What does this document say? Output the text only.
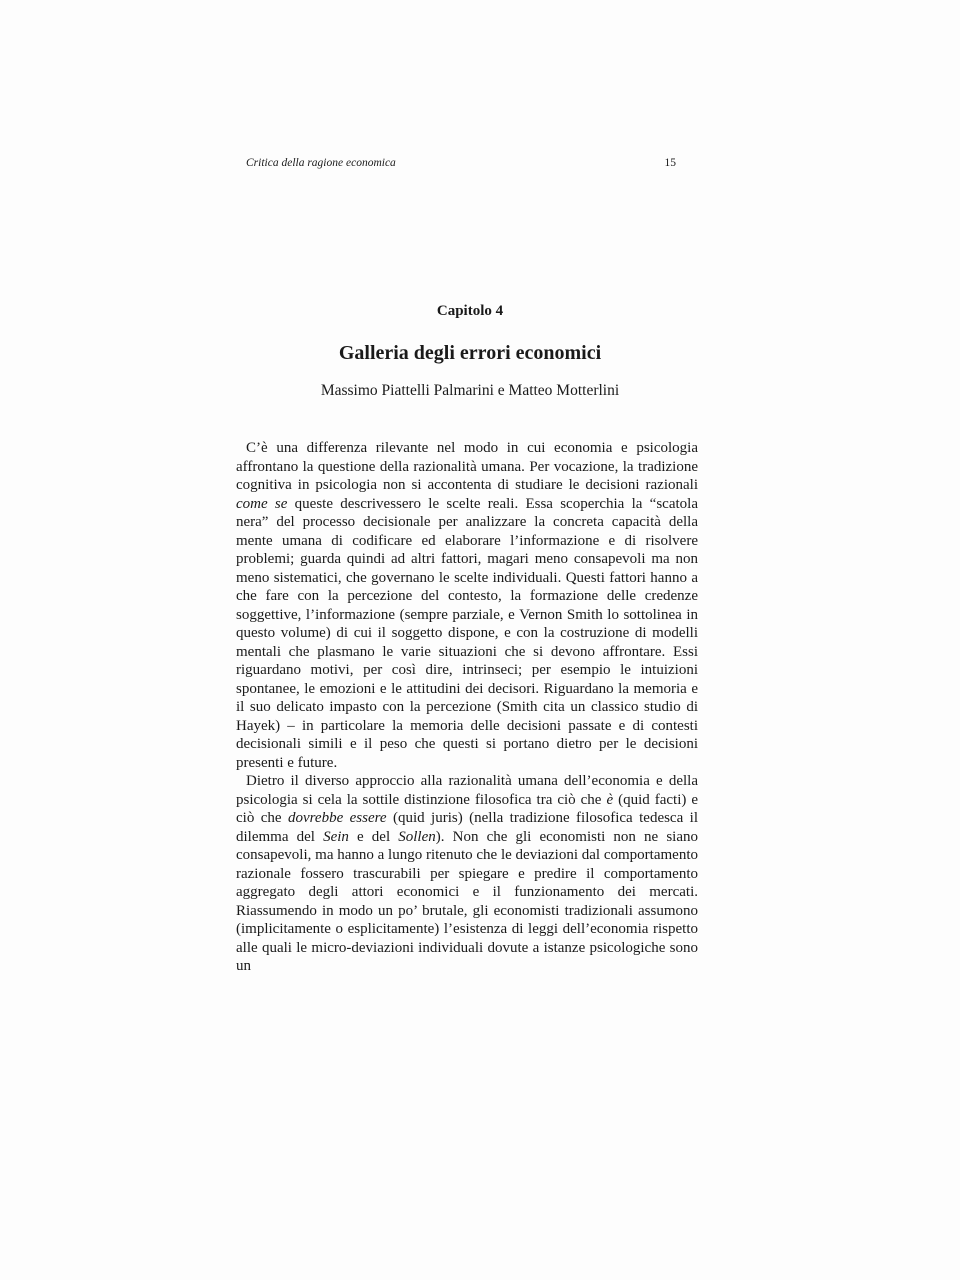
Critica della ragione economica	15
Capitolo 4
Galleria degli errori economici
Massimo Piattelli Palmarini e Matteo Motterlini

C’è una differenza rilevante nel modo in cui economia e psicologia affrontano la questione della razionalità umana. Per vocazione, la tradizione cognitiva in psicologia non si accontenta di studiare le decisioni razionali come se queste descrivessero le scelte reali. Essa scoperchia la “scatola nera” del processo decisionale per analizzare la concreta capacità della mente umana di codificare ed elaborare l’informazione e di risolvere problemi; guarda quindi ad altri fattori, magari meno consapevoli ma non meno sistematici, che governano le scelte individuali. Questi fattori hanno a che fare con la percezione del contesto, la formazione delle credenze soggettive, l’informazione (sempre parziale, e Vernon Smith lo sottolinea in questo volume) di cui il soggetto dispone, e con la costruzione di modelli mentali che plasmano le varie situazioni che si devono affrontare. Essi riguardano motivi, per così dire, intrinseci; per esempio le intuizioni spontanee, le emozioni e le attitudini dei decisori. Riguardano la memoria e il suo delicato impasto con la percezione (Smith cita un classico studio di Hayek) – in particolare la memoria delle decisioni passate e di contesti decisionali simili e il peso che questi si portano dietro per le decisioni presenti e future.

Dietro il diverso approccio alla razionalità umana dell’economia e della psicologia si cela la sottile distinzione filosofica tra ciò che è (quid facti) e ciò che dovrebbe essere (quid juris) (nella tradizione filosofica tedesca il dilemma del Sein e del Sollen). Non che gli economisti non ne siano consapevoli, ma hanno a lungo ritenuto che le deviazioni dal comportamento razionale fossero trascurabili per spiegare e predire il comportamento aggregato degli attori economici e il funzionamento dei mercati. Riassumendo in modo un po’ brutale, gli economisti tradizionali assumono (implicitamente o esplicitamente) l’esistenza di leggi dell’economia rispetto alle quali le micro-deviazioni individuali dovute a istanze psicologiche sono un
